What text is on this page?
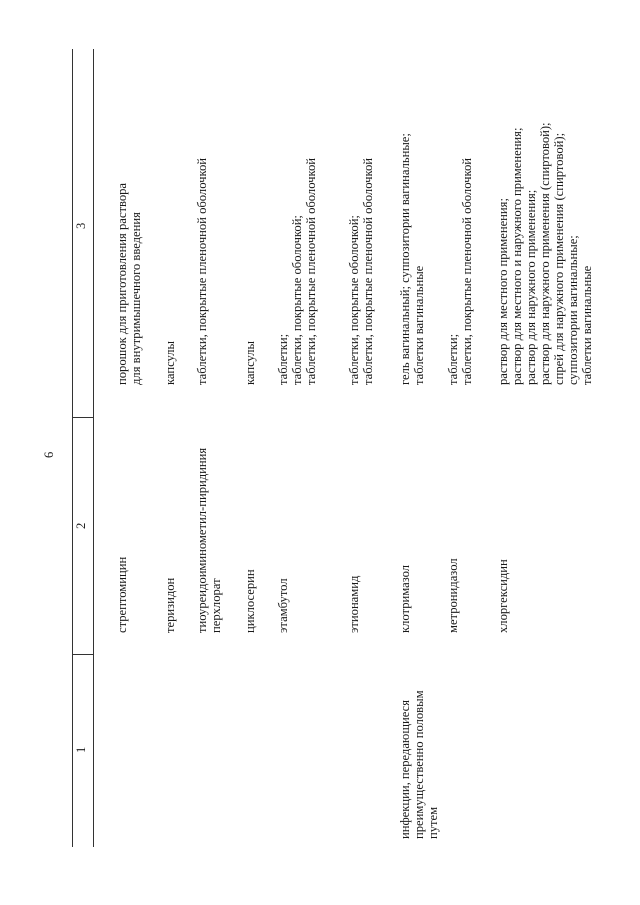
6
1
2
3
инфекции, передающиеся преимущественно половым путем
стрептомицин
порошок для приготовления раствора для внутримышечного введения
теризидон
капсулы
тиоуреидоиминометил-пиридиния перхлорат
таблетки, покрытые пленочной оболочкой
циклосерин
капсулы
этамбутол
таблетки; таблетки, покрытые оболочкой; таблетки, покрытые пленочной оболочкой
этионамид
таблетки, покрытые оболочкой; таблетки, покрытые пленочной оболочкой
клотримазол
гель вагинальный; суппозитории вагинальные; таблетки вагинальные
метронидазол
таблетки; таблетки, покрытые пленочной оболочкой
хлоргексидин
раствор для местного применения; раствор для местного и наружного применения; раствор для наружного применения; раствор для наружного применения (спиртовой); спрей для наружного применения (спиртовой); суппозитории вагинальные; таблетки вагинальные
